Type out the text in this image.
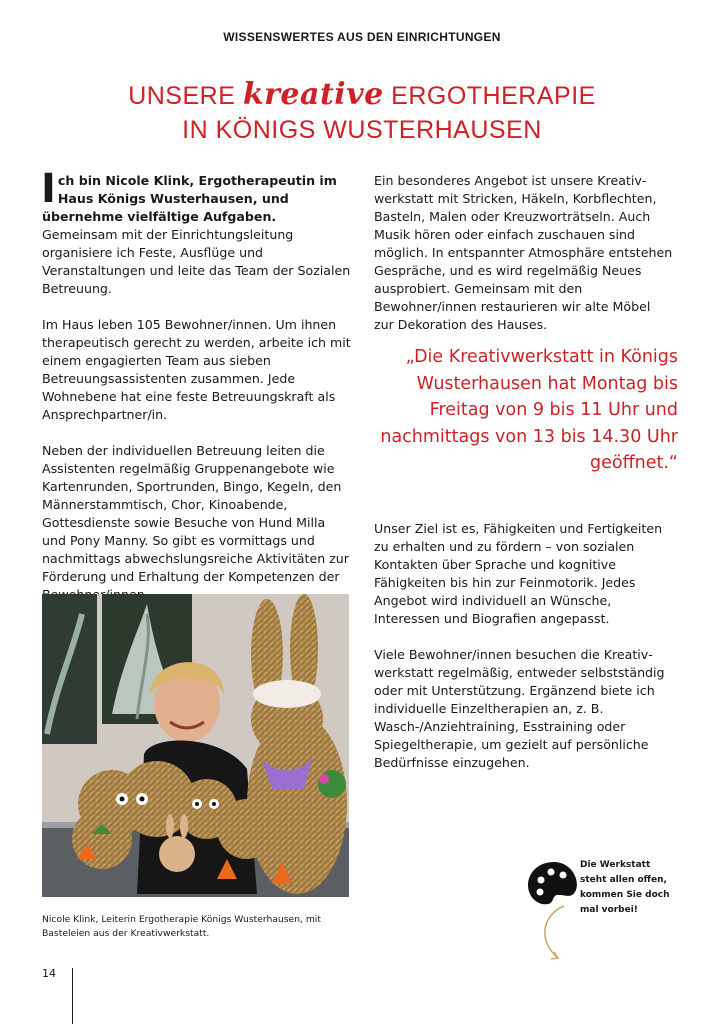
WISSENSWERTES AUS DEN EINRICHTUNGEN
UNSERE kreative ERGOTHERAPIE
IN KÖNIGS WUSTERHAUSEN

Ich bin Nicole Klink, Ergotherapeutin im Haus Königs Wusterhausen, und übernehme vielfältige Aufgaben. Gemeinsam mit der Einrichtungsleitung organisiere ich Feste, Ausflüge und Veranstaltungen und leite das Team der Sozialen Betreuung.

Im Haus leben 105 Bewohner/innen. Um ihnen therapeutisch gerecht zu werden, arbeite ich mit einem engagierten Team aus sieben Betreuungsassistenten zusammen. Jede Wohnebene hat eine feste Betreuungskraft als Ansprechpartner/in.

Neben der individuellen Betreuung leiten die Assistenten regelmäßig Gruppenangebote wie Kartenrunden, Sportrunden, Bingo, Kegeln, den Männerstammtisch, Chor, Kinoabende, Gottesdienste sowie Besuche von Hund Milla und Pony Manny. So gibt es vormittags und nachmittags abwechslungsreiche Aktivitäten zur Förderung und Erhaltung der Kompetenzen der

Nicole Klink, Leiterin Ergotherapie Königs Wusterhausen, mit Basteleien aus der Kreativwerkstatt.

Ein besonderes Angebot ist unsere Kreativwerkstatt mit Stricken, Häkeln, Korbflechten, Basteln, Malen oder Kreuzworträtseln. Auch Musik hören oder einfach zuschauen sind möglich. In entspannter Atmosphäre entstehen Gespräche, und es wird regelmäßig Neues ausprobiert. Gemeinsam mit den Bewohner/innen restaurieren wir alte Möbel zur Dekoration des Hauses.

„Die Kreativwerkstatt in Königs Wusterhausen hat Montag bis Freitag von 9 bis 11 Uhr und nachmittags von 13 bis 14.30 Uhr geöffnet.“

Unser Ziel ist es, Fähigkeiten und Fertigkeiten zu erhalten und zu fördern – von sozialen Kontakten über Sprache und kognitive Fähigkeiten bis hin zur Feinmotorik. Jedes Angebot wird individuell an Wünsche, Interessen und Biografien angepasst.

Viele Bewohner/innen besuchen die Kreativwerkstatt regelmäßig, entweder selbstständig oder mit Unterstützung. Ergänzend biete ich individuelle Einzeltherapien an, z. B. Wasch-/Anziehtraining, Esstraining oder Spiegeltherapie, um gezielt auf persönliche Bedürfnisse einzugehen.

Die Werkstatt steht allen offen, kommen Sie doch mal vorbei!
14
